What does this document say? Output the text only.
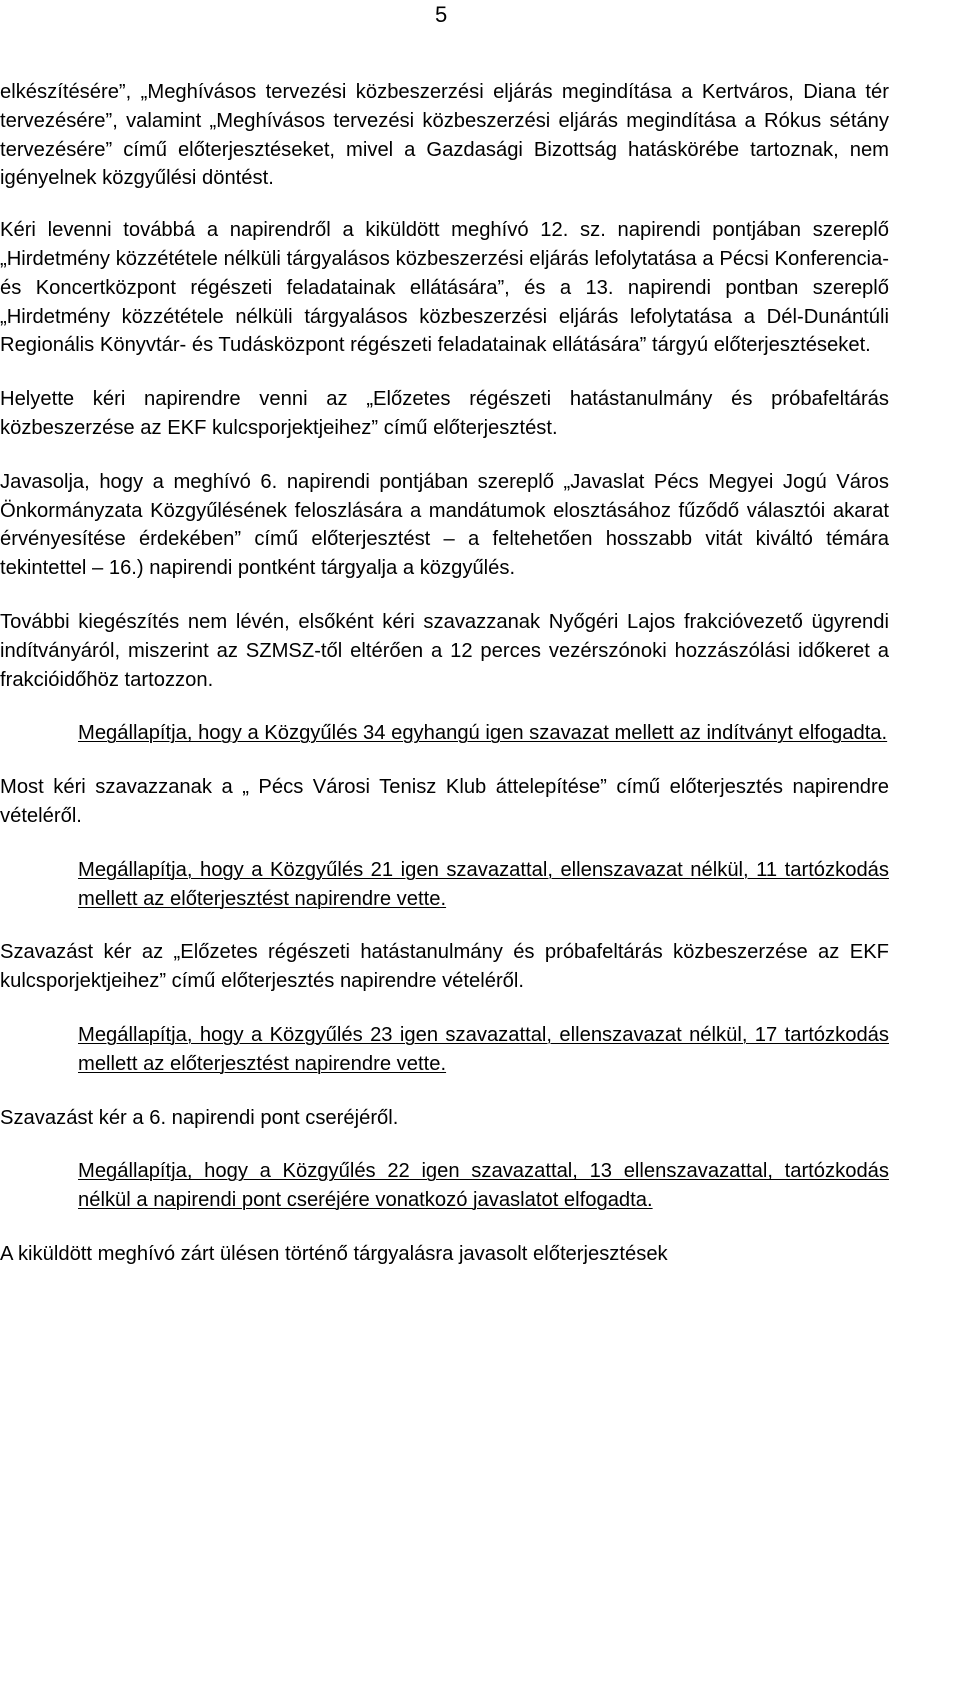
5

elkészítésére”, „Meghívásos tervezési közbeszerzési eljárás megindítása a Kertváros, Diana tér tervezésére”, valamint „Meghívásos tervezési közbeszerzési eljárás megindítása a Rókus sétány tervezésére” című előterjesztéseket, mivel a Gazdasági Bizottság hatáskörébe tartoznak, nem igényelnek közgyűlési döntést.

Kéri levenni továbbá a napirendről a kiküldött meghívó 12. sz. napirendi pontjában szereplő „Hirdetmény közzététele nélküli tárgyalásos közbeszerzési eljárás lefolytatása a Pécsi Konferencia- és Koncertközpont régészeti feladatainak ellátására”, és a 13. napirendi pontban szereplő „Hirdetmény közzététele nélküli tárgyalásos közbeszerzési eljárás lefolytatása a Dél-Dunántúli Regionális Könyvtár- és Tudásközpont régészeti feladatainak ellátására” tárgyú előterjesztéseket.

Helyette kéri napirendre venni az „Előzetes régészeti hatástanulmány és próbafeltárás közbeszerzése az EKF kulcsporjektjeihez” című előterjesztést.

Javasolja, hogy a meghívó 6. napirendi pontjában szereplő „Javaslat Pécs Megyei Jogú Város Önkormányzata Közgyűlésének feloszlására a mandátumok elosztásához fűződő választói akarat érvényesítése érdekében” című előterjesztést – a feltehetően hosszabb vitát kiváltó témára tekintettel – 16.) napirendi pontként tárgyalja a közgyűlés.

További kiegészítés nem lévén, elsőként kéri szavazzanak Nyőgéri Lajos frakcióvezető ügyrendi indítványáról, miszerint az SZMSZ-től eltérően a 12 perces vezérszónoki hozzászólási időkeret a frakcióidőhöz tartozzon.

Megállapítja, hogy a Közgyűlés 34 egyhangú igen szavazat mellett az indítványt elfogadta.

Most kéri szavazzanak a „ Pécs Városi Tenisz Klub áttelepítése” című előterjesztés napirendre vételéről.

Megállapítja, hogy a Közgyűlés 21 igen szavazattal, ellenszavazat nélkül, 11 tartózkodás mellett az előterjesztést napirendre vette.

Szavazást kér az „Előzetes régészeti hatástanulmány és próbafeltárás közbeszerzése az EKF kulcsporjektjeihez” című előterjesztés napirendre vételéről.

Megállapítja, hogy a Közgyűlés 23 igen szavazattal, ellenszavazat nélkül, 17 tartózkodás mellett az előterjesztést napirendre vette.

Szavazást kér a 6. napirendi pont cseréjéről.

Megállapítja, hogy a Közgyűlés 22 igen szavazattal, 13 ellenszavazattal, tartózkodás nélkül a napirendi pont cseréjére vonatkozó javaslatot elfogadta.

A kiküldött meghívó zárt ülésen történő tárgyalásra javasolt előterjesztések
